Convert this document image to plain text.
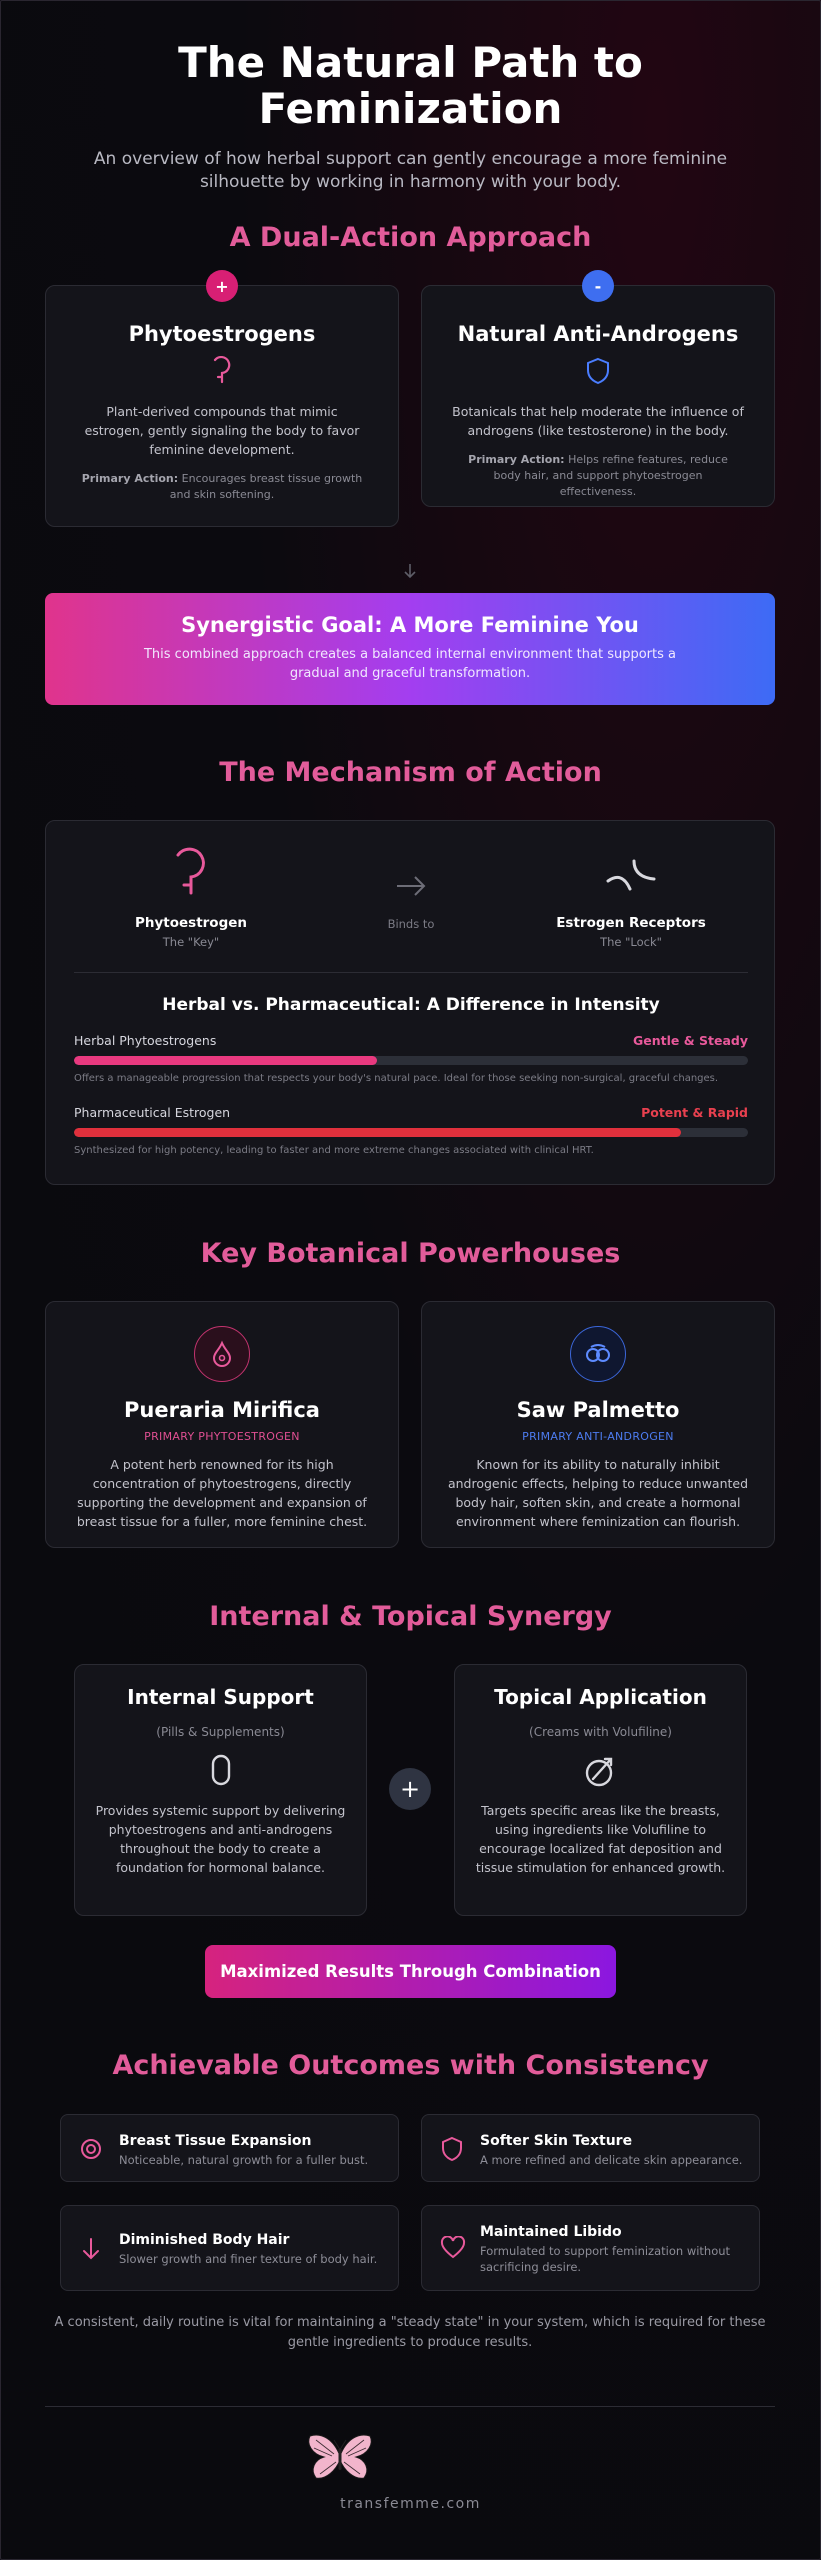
The Natural Path to
Feminization

An overview of how herbal support can gently encourage a more feminine
silhouette by working in harmony with your body.

A Dual-Action Approach
Phytoestrogens
Plant-derived compounds that mimic estrogen, gently signaling the body to favor feminine development.
Primary Action: Encourages breast tissue growth and skin softening.
+
Natural Anti-Androgens
Botanicals that help moderate the influence of androgens (like testosterone) in the body.
Primary Action: Helps refine features, reduce body hair, and support phytoestrogen effectiveness.
-
Synergistic Goal: A More Feminine You
This combined approach creates a balanced internal environment that supports a gradual and graceful transformation.
The Mechanism of Action
Phytoestrogen
The "Key"
Binds to	Estrogen Receptors
The "Lock"
Herbal vs. Pharmaceutical: A Difference in Intensity
Herbal Phytoestrogens	Gentle & Steady
Offers a manageable progression that respects your body's natural pace. Ideal for those seeking non-surgical, graceful changes.
Pharmaceutical Estrogen	Potent & Rapid
Synthesized for high potency, leading to faster and more extreme changes associated with clinical HRT.
Key Botanical Powerhouses
Pueraria Mirifica
PRIMARY PHYTOESTROGEN
A potent herb renowned for its high concentration of phytoestrogens, directly supporting the development and expansion of breast tissue for a fuller, more feminine chest.
Saw Palmetto
PRIMARY ANTI-ANDROGEN
Known for its ability to naturally inhibit androgenic effects, helping to reduce unwanted body hair, soften skin, and create a hormonal environment where feminization can flourish.
Internal & Topical Synergy
Internal Support
(Pills & Supplements)
Provides systemic support by delivering phytoestrogens and anti-androgens throughout the body to create a foundation for hormonal balance.
+
Topical Application
(Creams with Volufiline)
Targets specific areas like the breasts, using ingredients like Volufiline to encourage localized fat deposition and tissue stimulation for enhanced growth.
Maximized Results Through Combination
Achievable Outcomes with Consistency
Breast Tissue Expansion
Noticeable, natural growth for a fuller bust.
Softer Skin Texture
A more refined and delicate skin appearance.
Diminished Body Hair
Slower growth and finer texture of body hair.
Maintained Libido
Formulated to support feminization without sacrificing desire.
A consistent, daily routine is vital for maintaining a "steady state" in your system, which is required for these gentle ingredients to produce results.
transfemme.com
